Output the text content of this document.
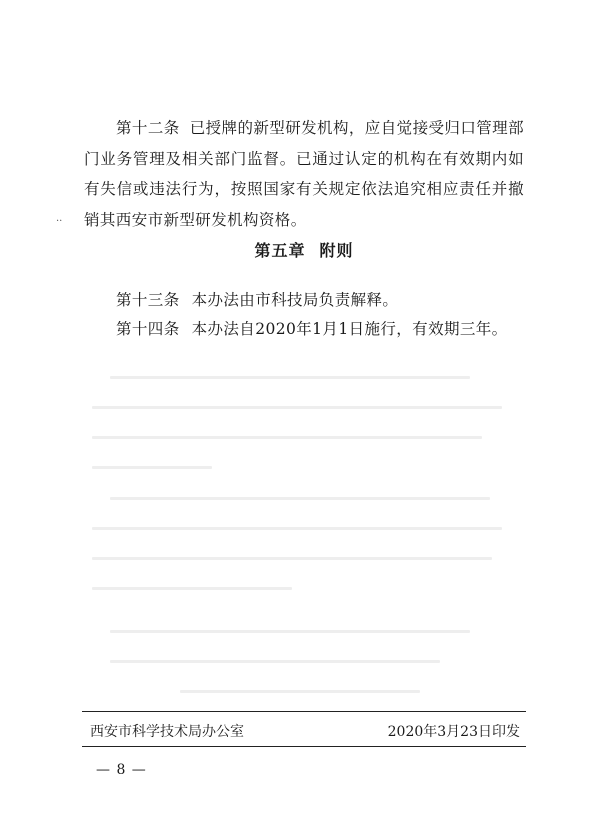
..

第十二条 已授牌的新型研发机构，应自觉接受归口管理部门业务管理及相关部门监督。已通过认定的机构在有效期内如有失信或违法行为，按照国家有关规定依法追究相应责任并撤销其西安市新型研发机构资格。

第五章 附则
第十三条 本办法由市科技局负责解释。
第十四条 本办法自2020年1月1日施行，有效期三年。
西安市科学技术局办公室	2020年3月23日印发
— 8 —
